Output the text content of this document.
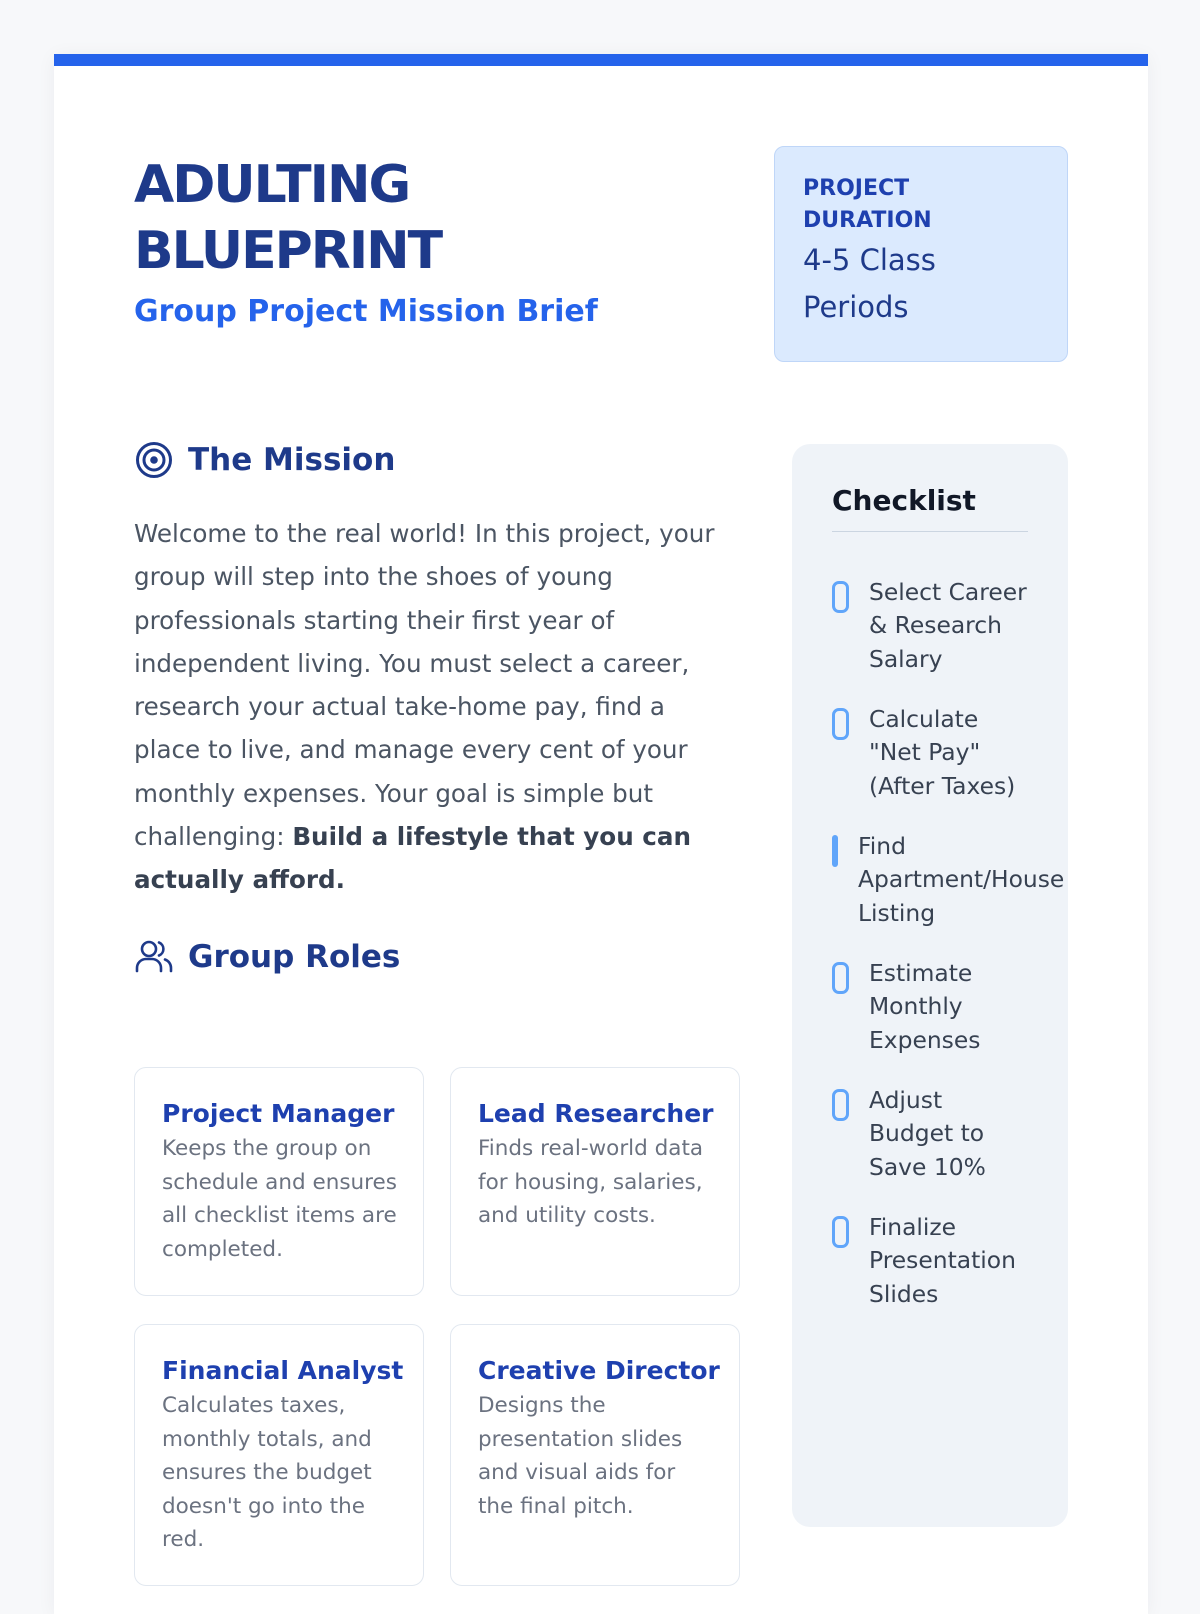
ADULTING
BLUEPRINT
Group Project Mission Brief
PROJECT
DURATION
4-5 Class
Periods
The Mission
Welcome to the real world! In this project, your group will step into the shoes of young professionals starting their first year of independent living. You must select a career, research your actual take-home pay, find a place to live, and manage every cent of your monthly expenses. Your goal is simple but challenging: Build a lifestyle that you can actually afford.
Group Roles
Project Manager
Keeps the group on schedule and ensures all checklist items are completed.
Lead Researcher
Finds real-world data for housing, salaries, and utility costs.
Financial Analyst
Calculates taxes, monthly totals, and ensures the budget doesn't go into the red.
Creative Director
Designs the presentation slides and visual aids for the final pitch.
Checklist
Select Career
& Research
Salary
Calculate
"Net Pay"
(After Taxes)
Find
Apartment/House
Listing
Estimate
Monthly
Expenses
Adjust
Budget to
Save 10%
Finalize
Presentation
Slides
